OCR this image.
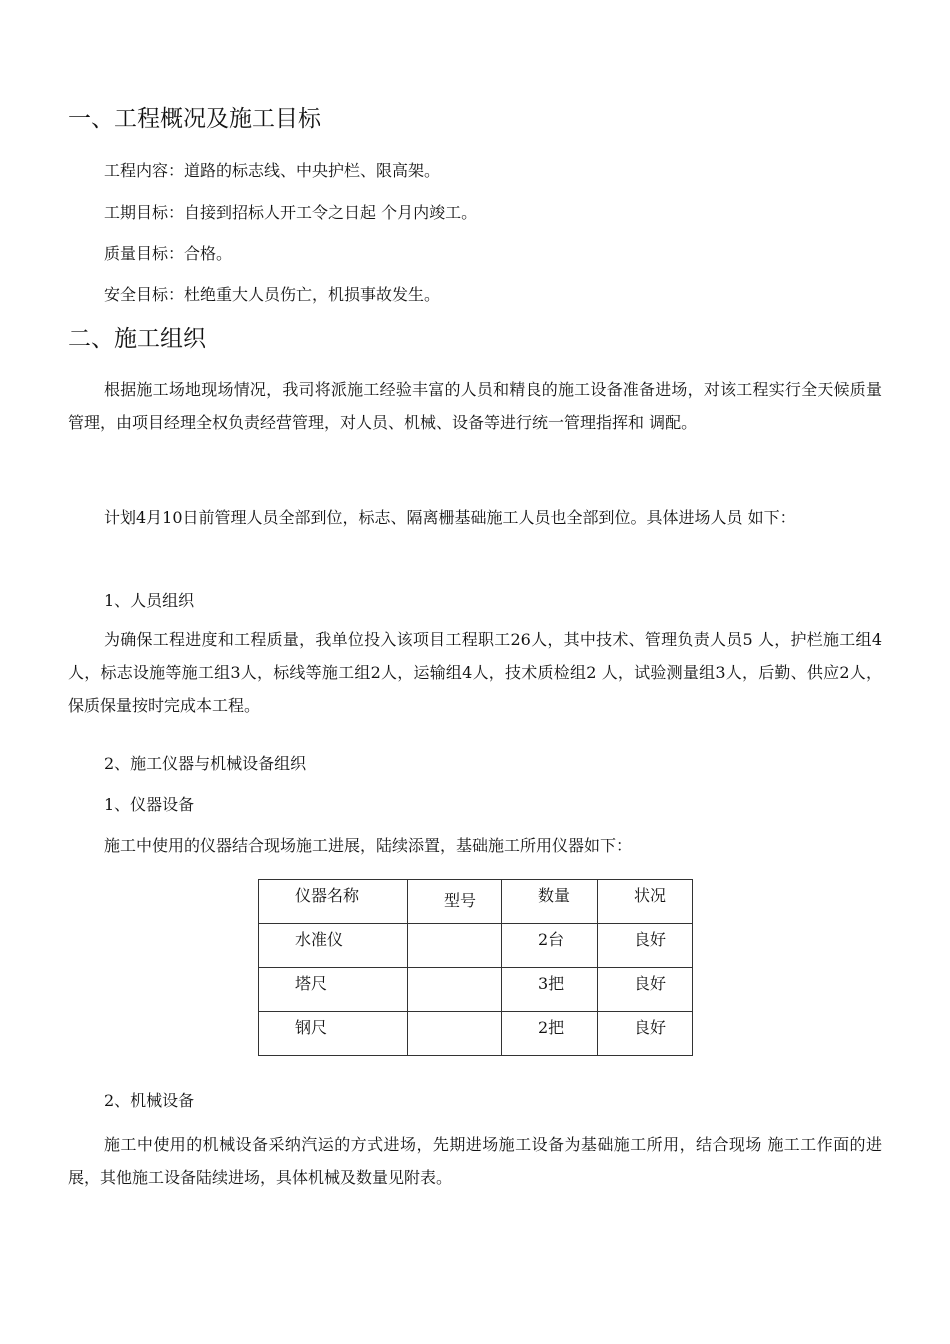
一、工程概况及施工目标
工程内容：道路的标志线、中央护栏、限高架。
工期目标：自接到招标人开工令之日起 个月内竣工。
质量目标：合格。
安全目标：杜绝重大人员伤亡，机损事故发生。
二、施工组织
根据施工场地现场情况，我司将派施工经验丰富的人员和精良的施工设备准备进场，对该工程实行全天候质量管理，由项目经理全权负责经营管理，对人员、机械、设备等进行统一管理指挥和 调配。
计划4月10日前管理人员全部到位，标志、隔离栅基础施工人员也全部到位。具体进场人员 如下：
1、人员组织
为确保工程进度和工程质量，我单位投入该项目工程职工26人，其中技术、管理负责人员5 人，护栏施工组4人，标志设施等施工组3人，标线等施工组2人，运输组4人，技术质检组2 人，试验测量组3人，后勤、供应2人，保质保量按时完成本工程。
2、施工仪器与机械设备组织
1、仪器设备
施工中使用的仪器结合现场施工进展，陆续添置，基础施工所用仪器如下：
仪器名称	型号	数量	状况

水准仪		2台	良好

塔尺		3把	良好

钢尺		2把	良好
2、机械设备
施工中使用的机械设备采纳汽运的方式进场，先期进场施工设备为基础施工所用，结合现场 施工工作面的进展，其他施工设备陆续进场，具体机械及数量见附表。
